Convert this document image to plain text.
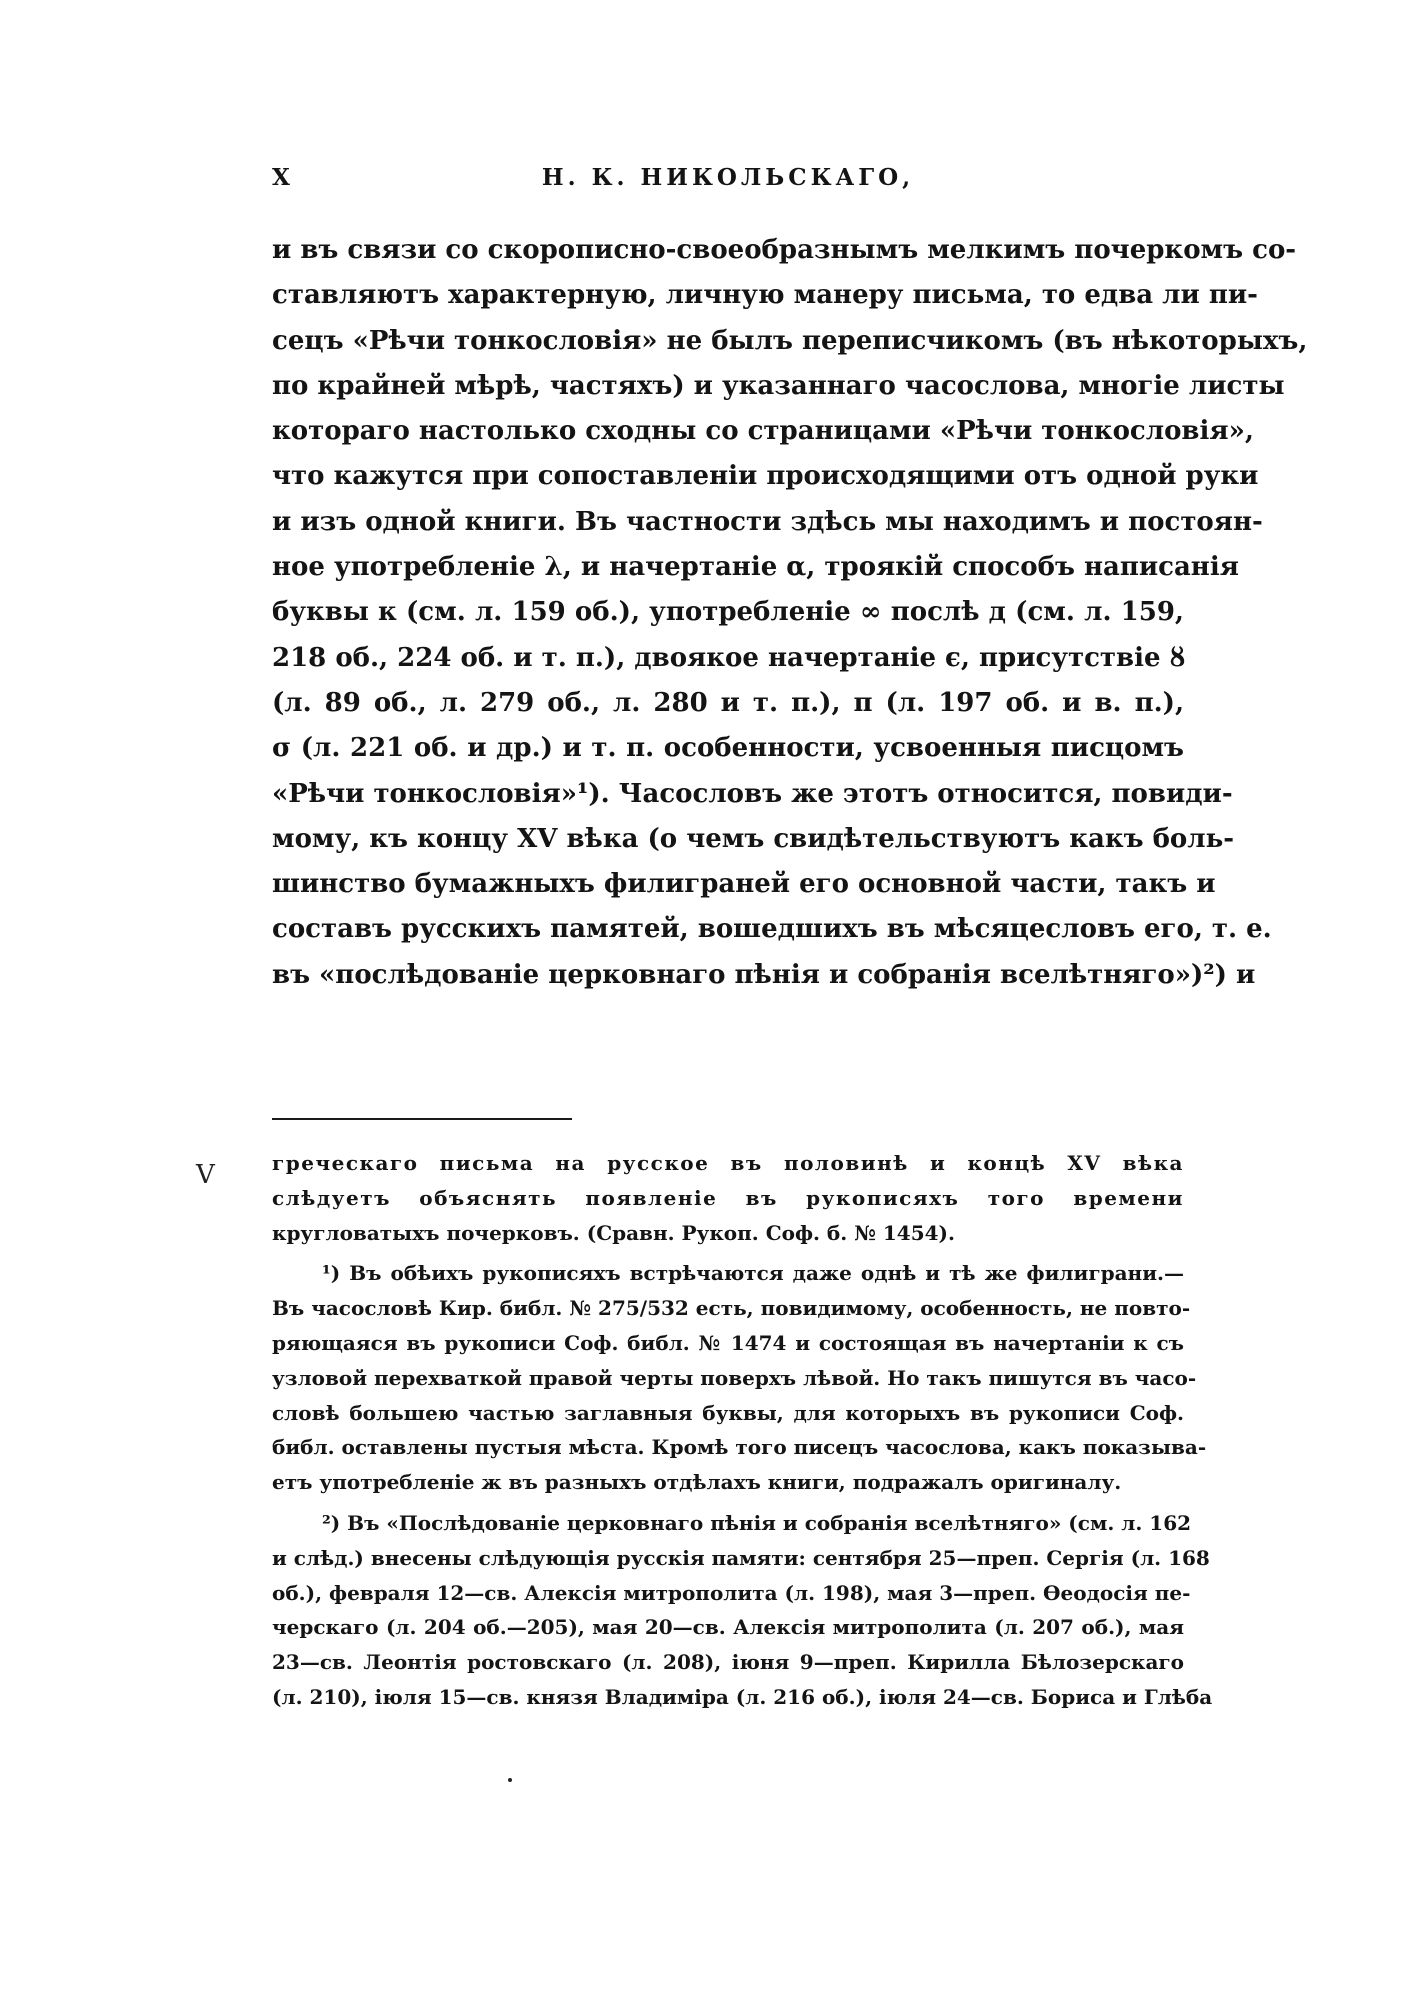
X	Н. К. НИКОЛЬСКАГО,
и въ связи со скорописно-своеобразнымъ мелкимъ почеркомъ со-
ставляютъ характерную, личную манеру письма, то едва ли пи-
сецъ «Рѣчи тонкословія» не былъ переписчикомъ (въ нѣкоторыхъ,
по крайней мѣрѣ, частяхъ) и указаннаго часослова, многіе листы
котораго настолько сходны со страницами «Рѣчи тонкословія»,
что кажутся при сопоставленіи происходящими отъ одной руки
и изъ одной книги. Въ частности здѣсь мы находимъ и постоян-
ное употребленіе λ, и начертаніе α, троякій способъ написанія
буквы к (см. л. 159 об.), употребленіе ∞ послѣ д (см. л. 159,
218 об., 224 об. и т. п.), двоякое начертаніе є, присутствіе ȣ
(л. 89 об., л. 279 об., л. 280 и т. п.), π (л. 197 об. и в. п.),
σ (л. 221 об. и др.) и т. п. особенности, усвоенныя писцомъ
«Рѣчи тонкословія»¹). Часословъ же этотъ относится, повиди-
мому, къ концу XV вѣка (о чемъ свидѣтельствуютъ какъ боль-
шинство бумажныхъ филиграней его основной части, такъ и
составъ русскихъ памятей, вошедшихъ въ мѣсяцесловъ его, т. е.
въ «послѣдованіе церковнаго пѣнія и собранія вселѣтняго»)²) и
V	греческаго письма на русское въ половинѣ и концѣ XV вѣка
слѣдуетъ объяснять появленіе въ рукописяхъ того времени
кругловатыхъ почерковъ. (Сравн. Рукоп. Соф. б. № 1454).
¹) Въ обѣихъ рукописяхъ встрѣчаются даже однѣ и тѣ же филиграни.—
Въ часословѣ Кир. библ. № 275/532 есть, повидимому, особенность, не повто-
ряющаяся въ рукописи Соф. библ. № 1474 и состоящая въ начертаніи к съ
узловой перехваткой правой черты поверхъ лѣвой. Но такъ пишутся въ часо-
словѣ большею частью заглавныя буквы, для которыхъ въ рукописи Соф.
библ. оставлены пустыя мѣста. Кромѣ того писецъ часослова, какъ показыва-
етъ употребленіе ж въ разныхъ отдѣлахъ книги, подражалъ оригиналу.
²) Въ «Послѣдованіе церковнаго пѣнія и собранія вселѣтняго» (см. л. 162
и слѣд.) внесены слѣдующія русскія памяти: сентября 25—преп. Сергія (л. 168
об.), февраля 12—св. Алексія митрополита (л. 198), мая 3—преп. Өеодосія пе-
черскаго (л. 204 об.—205), мая 20—св. Алексія митрополита (л. 207 об.), мая
23—св. Леонтія ростовскаго (л. 208), іюня 9—преп. Кирилла Бѣлозерскаго
(л. 210), іюля 15—св. князя Владиміра (л. 216 об.), іюля 24—св. Бориса и Глѣба
